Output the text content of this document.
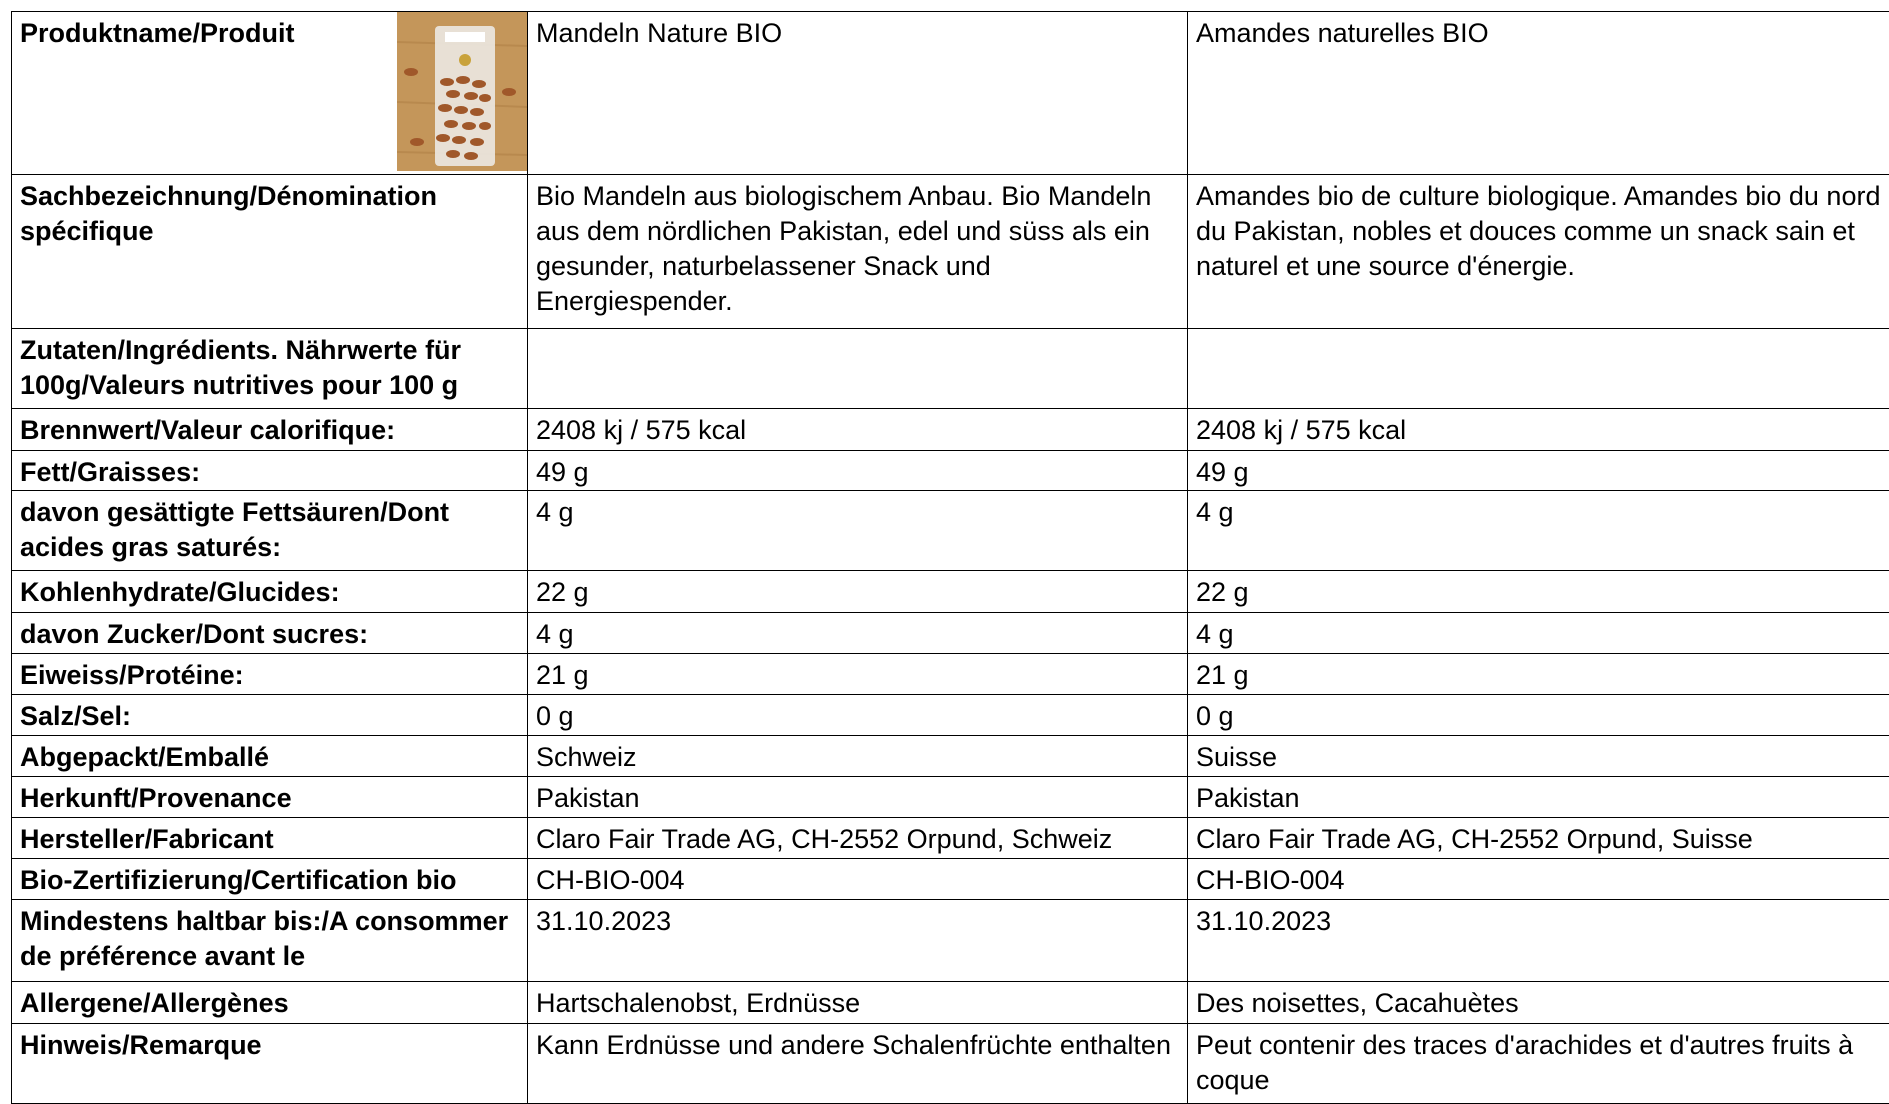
Produktname/Produit	Mandeln Nature BIO	Amandes naturelles BIO
Sachbezeichnung/Dénomination spécifique	Bio Mandeln aus biologischem Anbau. Bio Mandeln aus dem nördlichen Pakistan, edel und süss als ein gesunder, naturbelassener Snack und Energiespender.	Amandes bio de culture biologique. Amandes bio du nord du Pakistan, nobles et douces comme un snack sain et naturel et une source d'énergie.
Zutaten/Ingrédients. Nährwerte für 100g/Valeurs nutritives pour 100 g		
Brennwert/Valeur calorifique:	2408 kj / 575 kcal	2408 kj / 575 kcal
Fett/Graisses:	49 g	49 g
davon gesättigte Fettsäuren/Dont acides gras saturés:	4 g	4 g
Kohlenhydrate/Glucides:	22 g	22 g
davon Zucker/Dont sucres:	4 g	4 g
Eiweiss/Protéine:	21 g	21 g
Salz/Sel:	0 g	0 g
Abgepackt/Emballé	Schweiz	Suisse
Herkunft/Provenance	Pakistan	Pakistan
Hersteller/Fabricant	Claro Fair Trade AG, CH-2552 Orpund, Schweiz	Claro Fair Trade AG, CH-2552 Orpund, Suisse
Bio-Zertifizierung/Certification bio	CH-BIO-004	CH-BIO-004
Mindestens haltbar bis:/A consommer de préférence avant le	31.10.2023	31.10.2023
Allergene/Allergènes	Hartschalenobst, Erdnüsse	Des noisettes, Cacahuètes
Hinweis/Remarque	Kann Erdnüsse und andere Schalenfrüchte enthalten	Peut contenir des traces d'arachides et d'autres fruits à coque
